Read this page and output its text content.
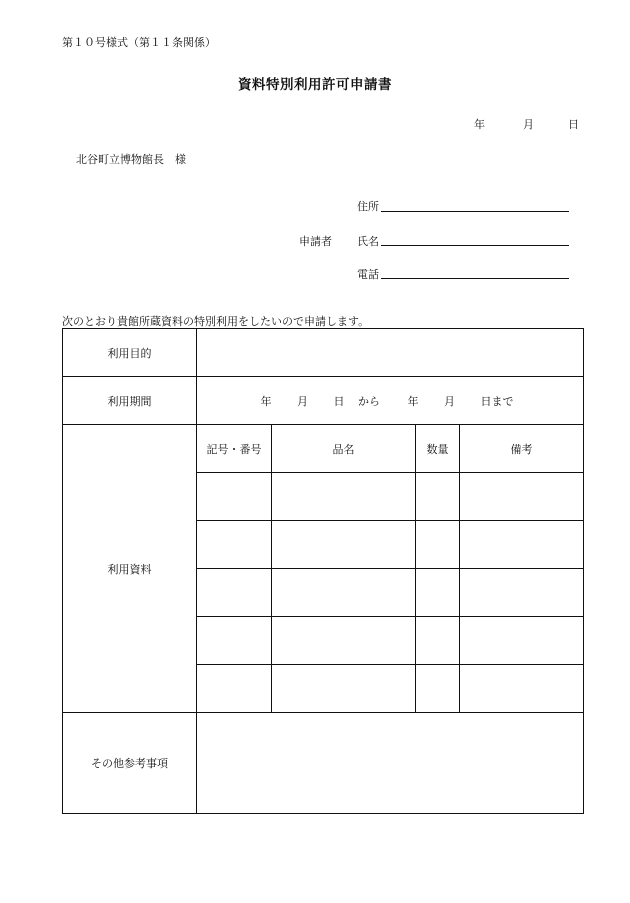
第１０号様式（第１１条関係）
資料特別利用許可申請書
年	月	日
北谷町立博物館長　様
申請者
住所
氏名
電話
次のとおり貴館所蔵資料の特別利用をしたいので申請します。
利用目的				
利用期間	年 月 日 から 年 月 日まで			
利用資料	記号・番号	品名	数量	備考

その他参考事項				
